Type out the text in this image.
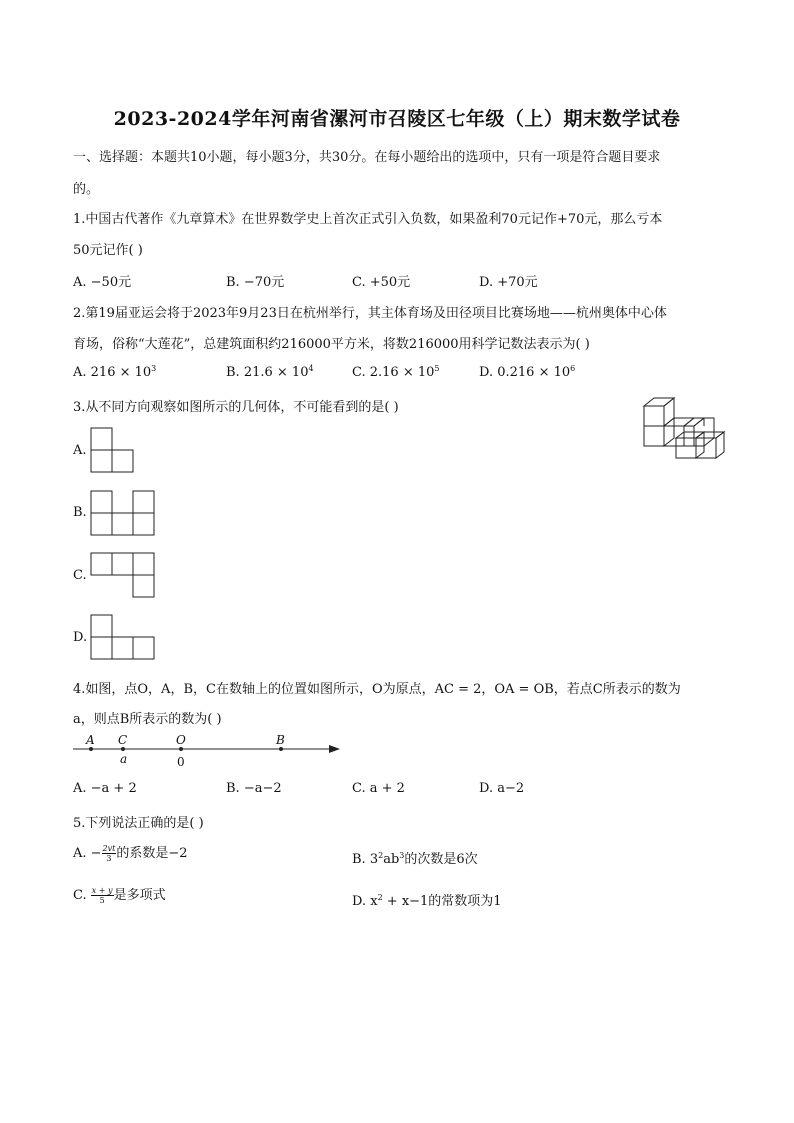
2023-2024学年河南省漯河市召陵区七年级（上）期末数学试卷
一、选择题：本题共10小题，每小题3分，共30分。在每小题给出的选项中，只有一项是符合题目要求
的。
1.中国古代著作《九章算术》在世界数学史上首次正式引入负数，如果盈利70元记作+70元，那么亏本
50元记作( )
A. −50元	B. −70元	C. +50元	D. +70元
2.第19届亚运会将于2023年9月23日在杭州举行，其主体育场及田径项目比赛场地——杭州奥体中心体
育场，俗称“大莲花”，总建筑面积约216000平方米，将数216000用科学记数法表示为( )
A. $216 \times 10^3$	B. $21.6 \times 10^4$	C. $2.16 \times 10^5$	D. $0.216 \times 10^6$
3.从不同方向观察如图所示的几何体，不可能看到的是( )
A.
B.
C.
D.
4.如图，点O，A，B，C在数轴上的位置如图所示，O为原点，AC = 2，OA = OB，若点C所表示的数为
a，则点B所表示的数为( )
A C	O	B
a	0
A. −a + 2	B. −a−2	C. a + 2	D. a−2
5.下列说法正确的是( )
A. − $\frac{2vt}{3}$ 的系数是−2	B. $3^2ab^3$的次数是6次
C. $\frac{x + y}{5}$ 是多项式	D. $x^2 + x-1$的常数项为1
